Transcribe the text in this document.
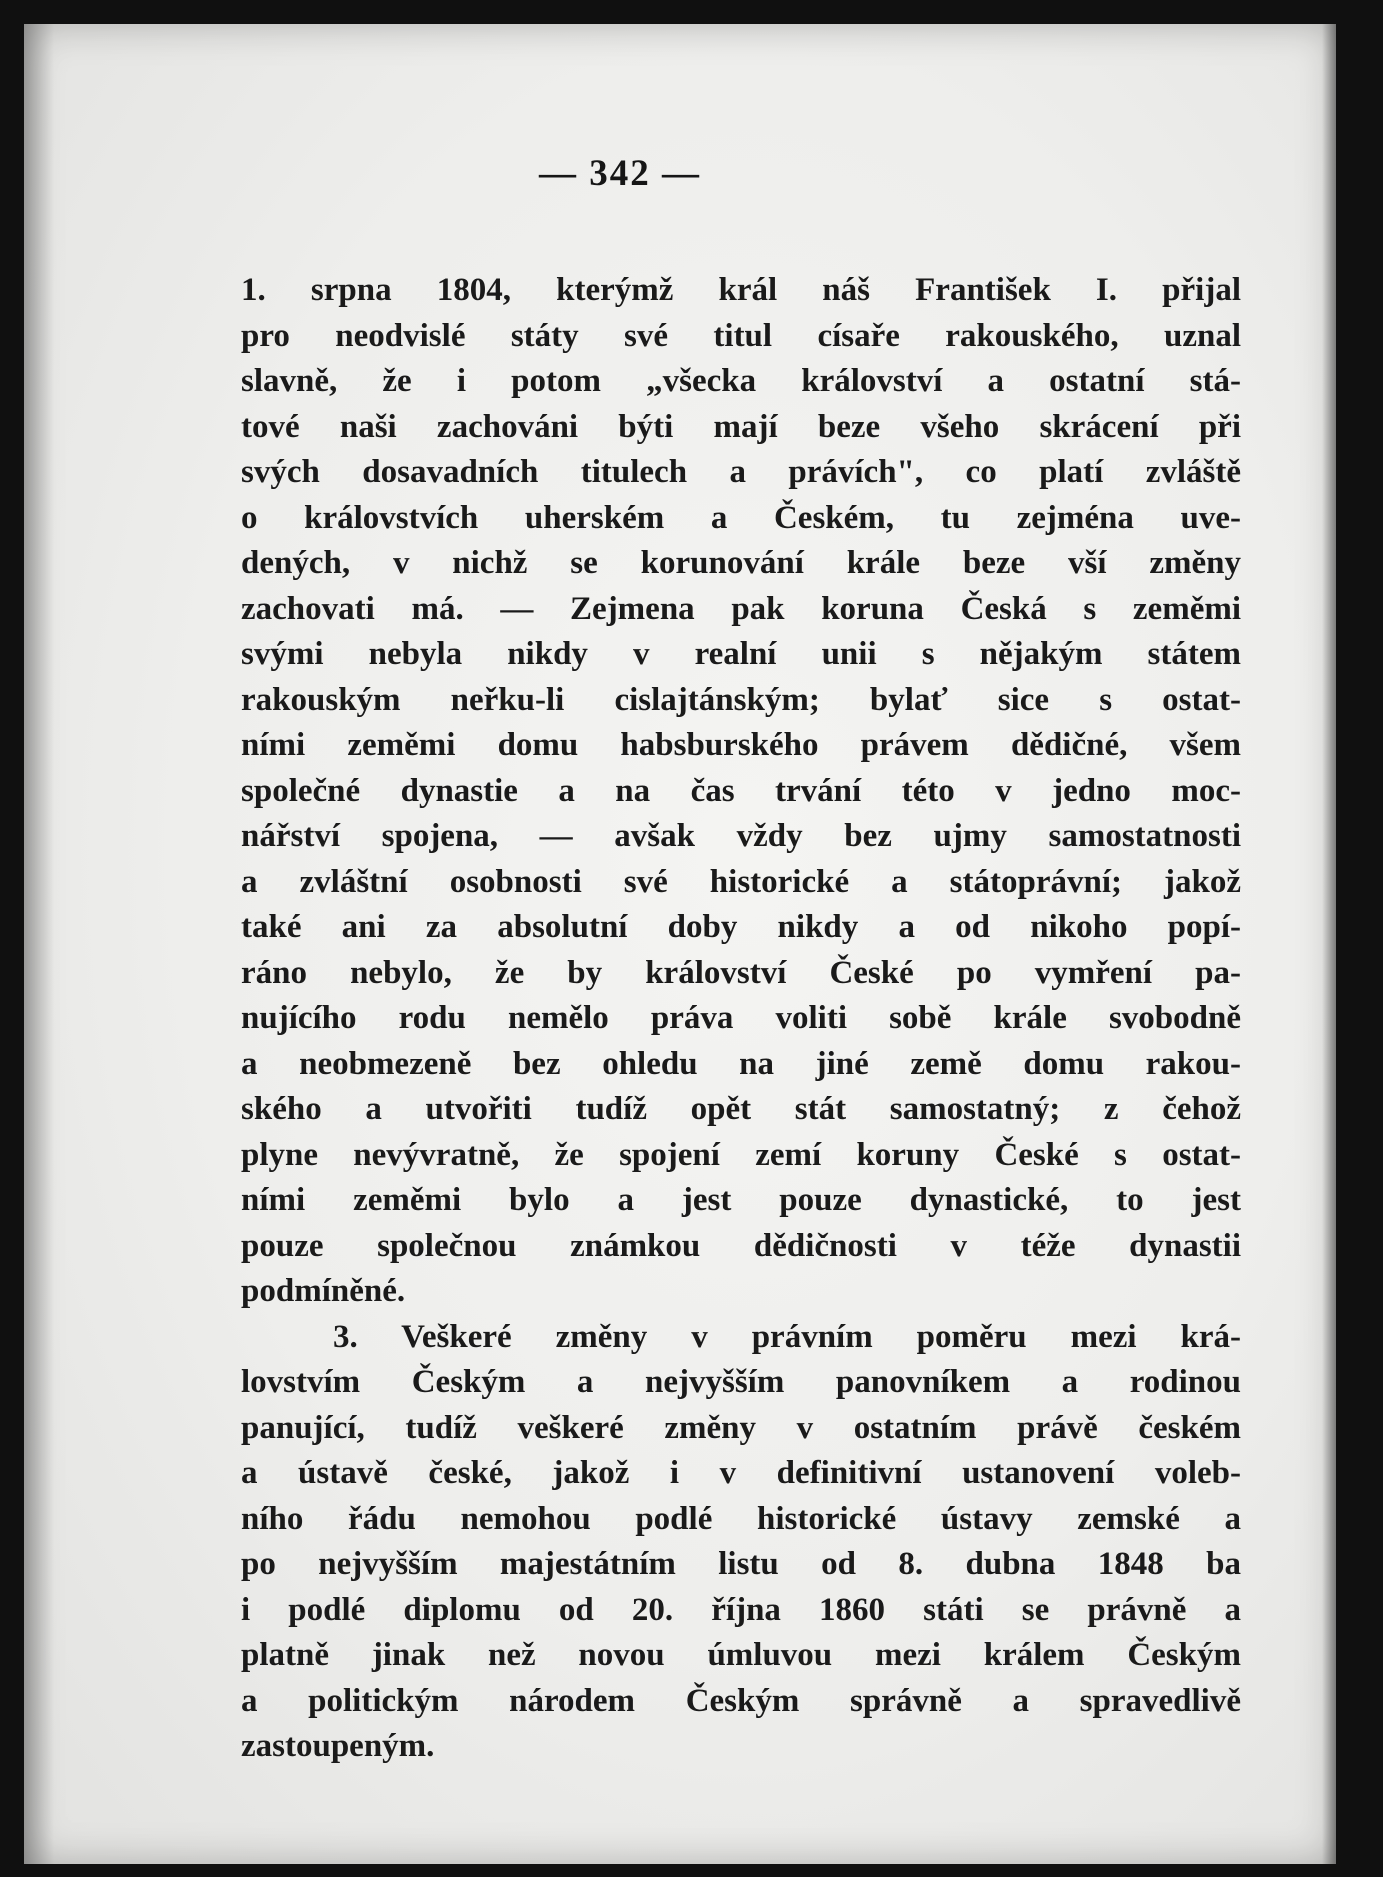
— 342 —
1. srpna 1804, kterýmž král náš František I. přijal
pro neodvislé státy své titul císaře rakouského, uznal
slavně, že i potom „všecka království a ostatní stá-
tové naši zachováni býti mají beze všeho skrácení při
svých dosavadních titulech a právích", co platí zvláště
o královstvích uherském a Českém, tu zejména uve-
dených, v nichž se korunování krále beze vší změny
zachovati má. — Zejmena pak koruna Česká s zeměmi
svými nebyla nikdy v realní unii s nějakým státem
rakouským neřku-li cislajtánským; bylať sice s ostat-
ními zeměmi domu habsburského právem dědičné, všem
společné dynastie a na čas trvání této v jedno moc-
nářství spojena, — avšak vždy bez ujmy samostatnosti
a zvláštní osobnosti své historické a státoprávní; jakož
také ani za absolutní doby nikdy a od nikoho popí-
ráno nebylo, že by království České po vymření pa-
nujícího rodu nemělo práva voliti sobě krále svobodně
a neobmezeně bez ohledu na jiné země domu rakou-
ského a utvořiti tudíž opět stát samostatný; z čehož
plyne nevývratně, že spojení zemí koruny České s ostat-
ními zeměmi bylo a jest pouze dynastické, to jest
pouze společnou známkou dědičnosti v téže dynastii
podmíněné.
3. Veškeré změny v právním poměru mezi krá-
lovstvím Českým a nejvyšším panovníkem a rodinou
panující, tudíž veškeré změny v ostatním právě českém
a ústavě české, jakož i v definitivní ustanovení voleb-
ního řádu nemohou podlé historické ústavy zemské a
po nejvyšším majestátním listu od 8. dubna 1848 ba
i podlé diplomu od 20. října 1860 státi se právně a
platně jinak než novou úmluvou mezi králem Českým
a politickým národem Českým správně a spravedlivě
zastoupeným.
